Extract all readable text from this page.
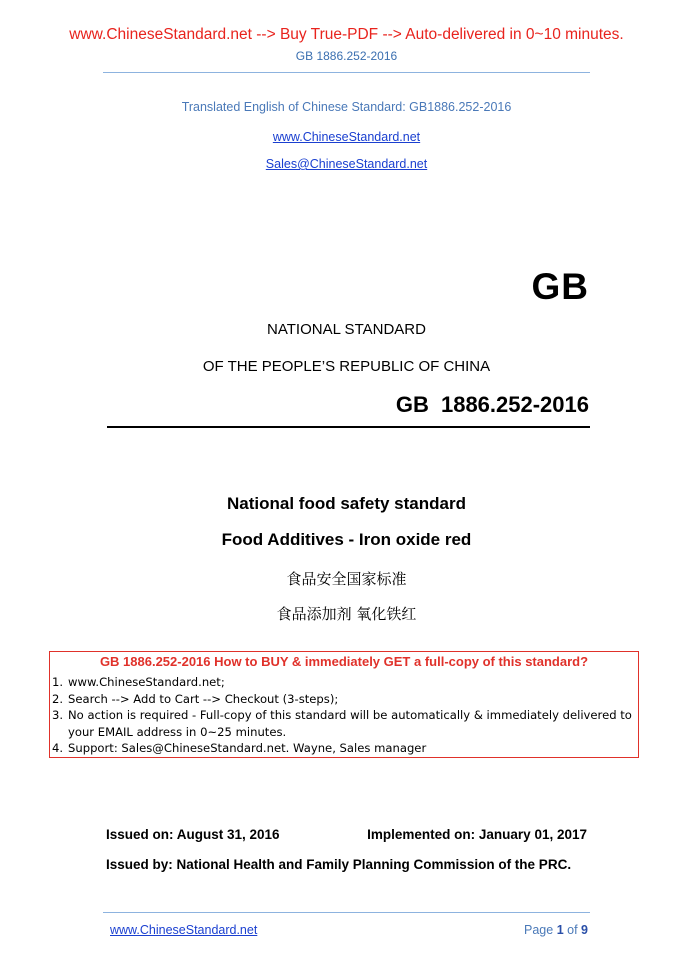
www.ChineseStandard.net --> Buy True-PDF --> Auto-delivered in 0~10 minutes.
GB 1886.252-2016
Translated English of Chinese Standard: GB1886.252-2016
www.ChineseStandard.net
Sales@ChineseStandard.net
GB
NATIONAL STANDARD
OF THE PEOPLE’S REPUBLIC OF CHINA
GB 1886.252-2016
National food safety standard
Food Additives - Iron oxide red
食品安全国家标准
食品添加剂 氧化铁红
GB 1886.252-2016 How to BUY & immediately GET a full-copy of this standard?
1. www.ChineseStandard.net;
2. Search --> Add to Cart --> Checkout (3-steps);
3. No action is required - Full-copy of this standard will be automatically & immediately delivered to your EMAIL address in 0~25 minutes.
4. Support: Sales@ChineseStandard.net. Wayne, Sales manager
Issued on: August 31, 2016	Implemented on: January 01, 2017
Issued by: National Health and Family Planning Commission of the PRC.
www.ChineseStandard.net	Page 1 of 9
